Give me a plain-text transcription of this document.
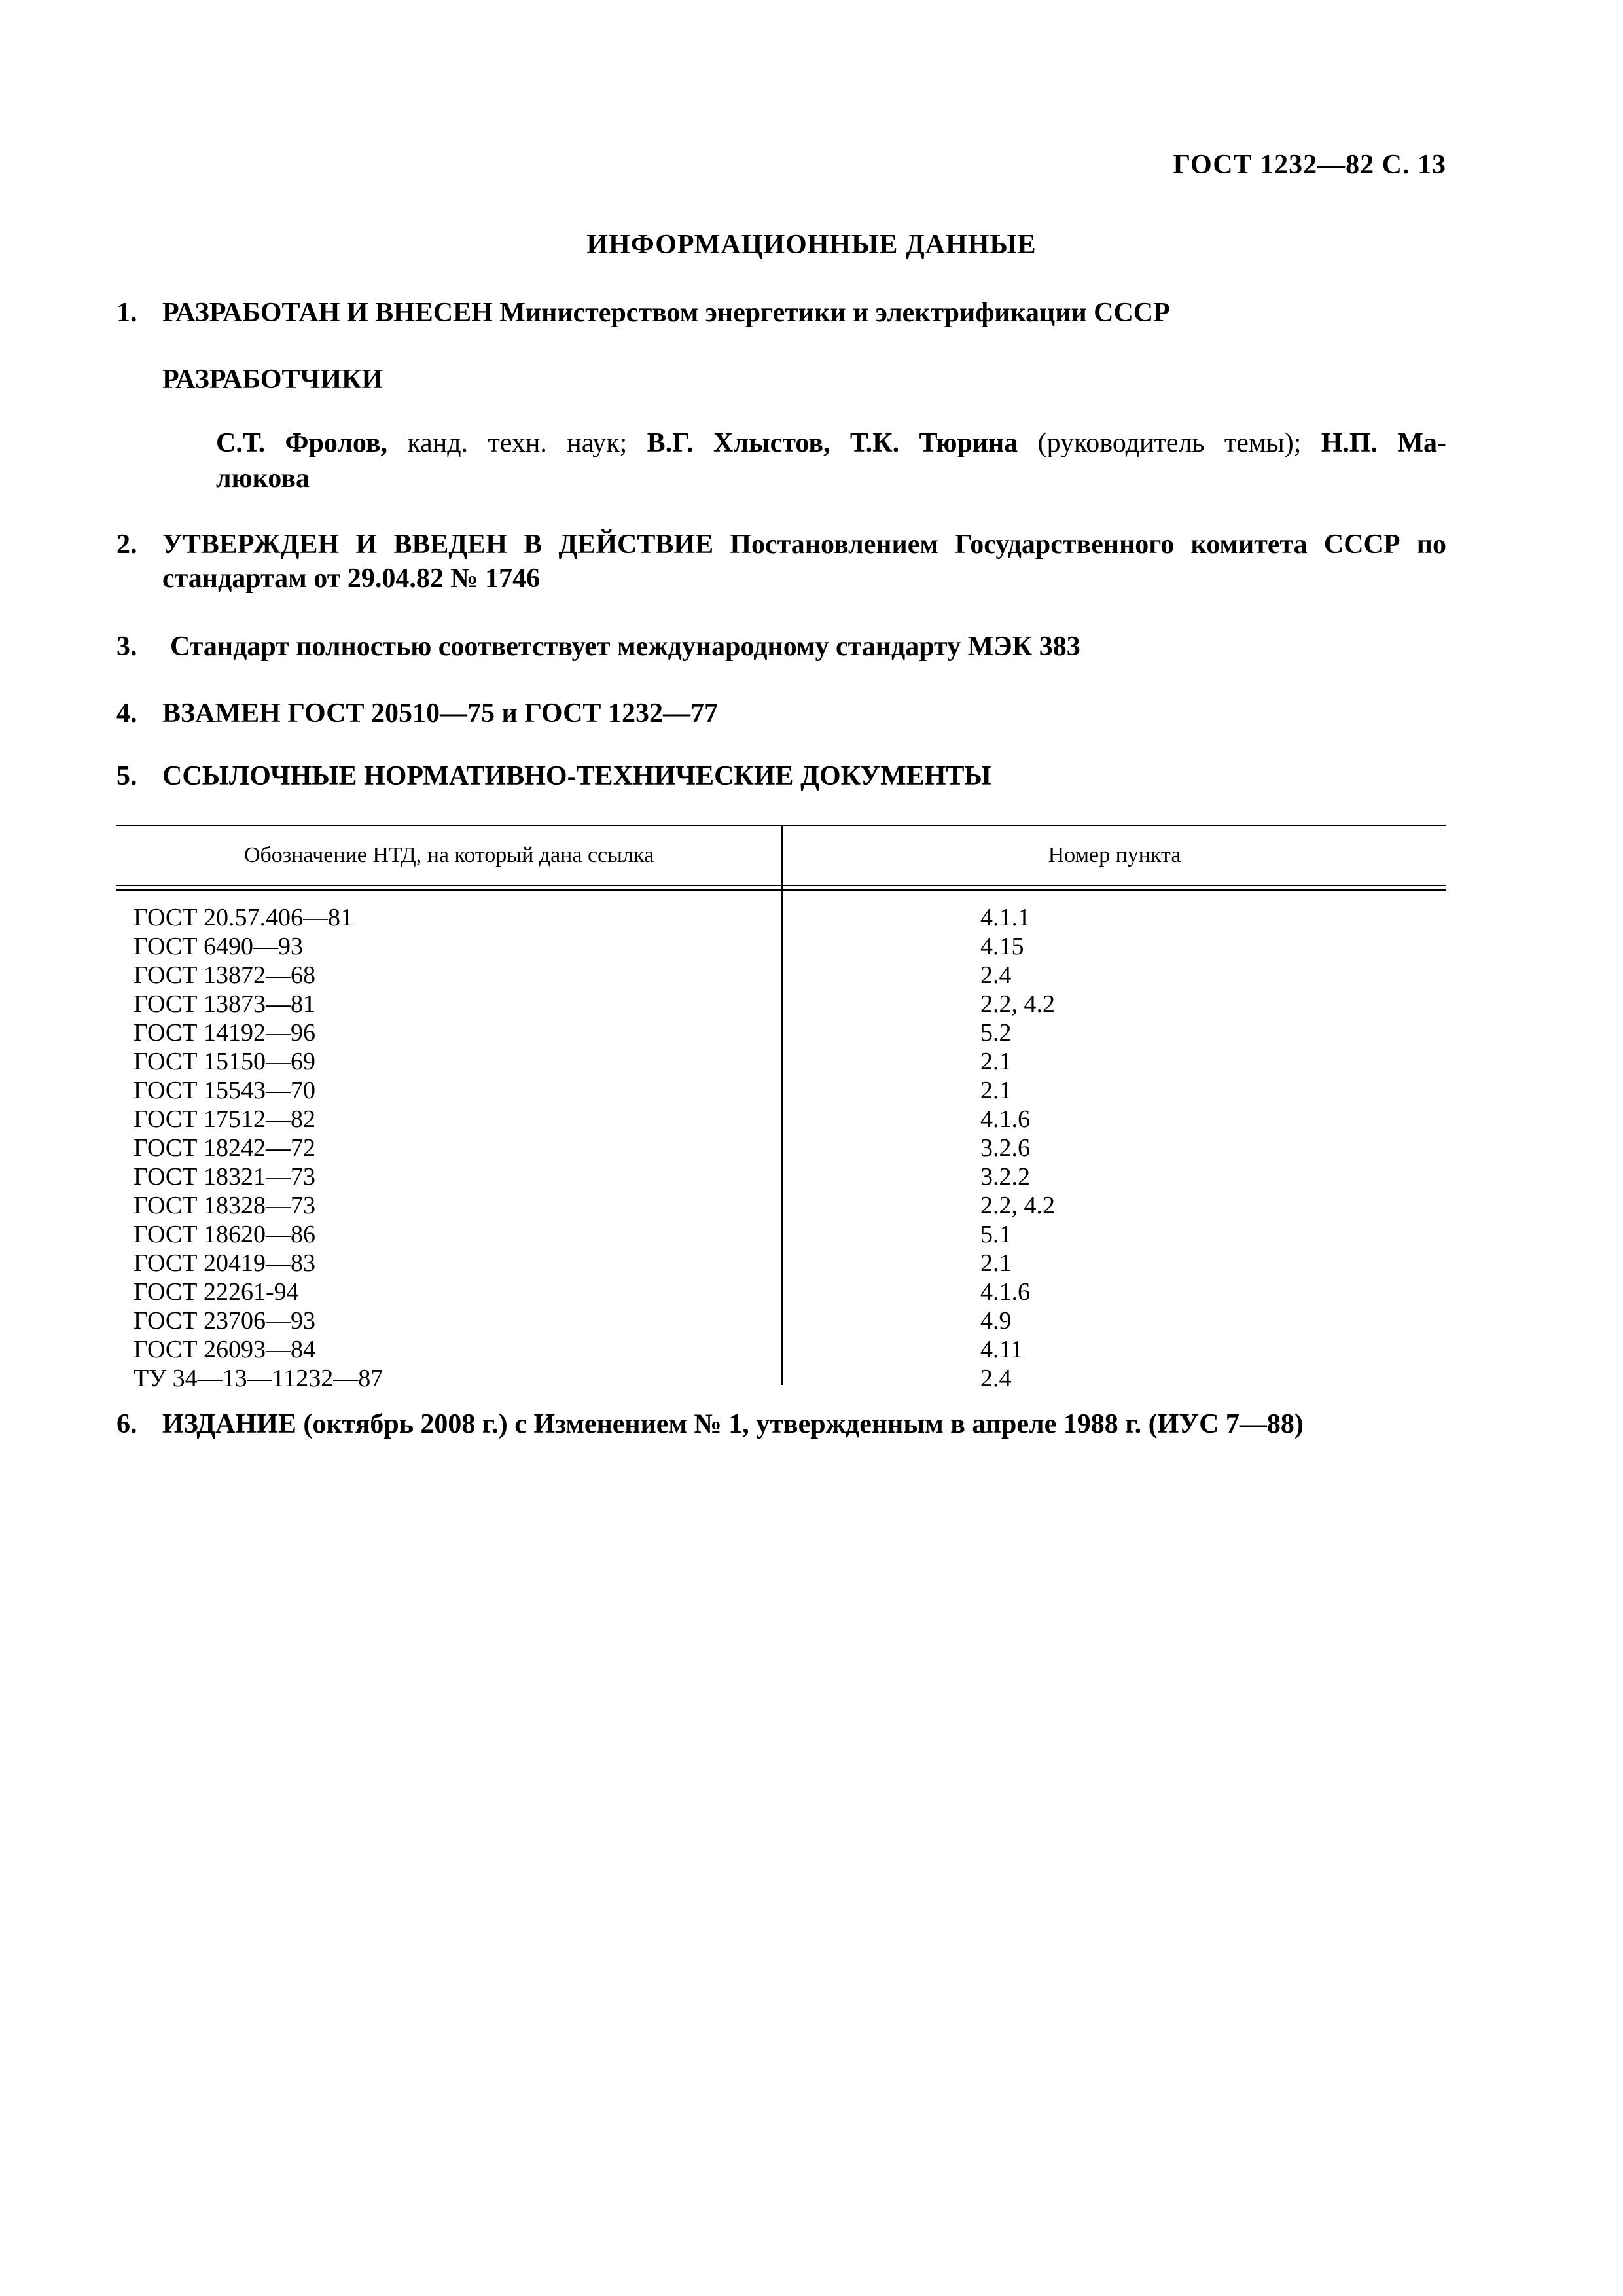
ГОСТ 1232—82 С. 13
ИНФОРМАЦИОННЫЕ ДАННЫЕ
1. РАЗРАБОТАН И ВНЕСЕН Министерством энергетики и электрификации СССР
РАЗРАБОТЧИКИ
С.Т. Фролов, канд. техн. наук; В.Г. Хлыстов, Т.К. Тюрина (руководитель темы); Н.П. Ма-
люкова
2. УТВЕРЖДЕН И ВВЕДЕН В ДЕЙСТВИЕ Постановлением Государственного комитета СССР по стандартам от 29.04.82 № 1746
3. Стандарт полностью соответствует международному стандарту МЭК 383
4. ВЗАМЕН ГОСТ 20510—75 и ГОСТ 1232—77
5. ССЫЛОЧНЫЕ НОРМАТИВНО-ТЕХНИЧЕСКИЕ ДОКУМЕНТЫ
Обозначение НТД, на который дана ссылка	Номер пункта
ГОСТ 20.57.406—81
ГОСТ 6490—93
ГОСТ 13872—68
ГОСТ 13873—81
ГОСТ 14192—96
ГОСТ 15150—69
ГОСТ 15543—70
ГОСТ 17512—82
ГОСТ 18242—72
ГОСТ 18321—73
ГОСТ 18328—73
ГОСТ 18620—86
ГОСТ 20419—83
ГОСТ 22261-94
ГОСТ 23706—93
ГОСТ 26093—84
ТУ 34—13—11232—87
4.1.1
4.15
2.4
2.2, 4.2
5.2
2.1
2.1
4.1.6
3.2.6
3.2.2
2.2, 4.2
5.1
2.1
4.1.6
4.9
4.11
2.4
6. ИЗДАНИЕ (октябрь 2008 г.) с Изменением № 1, утвержденным в апреле 1988 г. (ИУС 7—88)
